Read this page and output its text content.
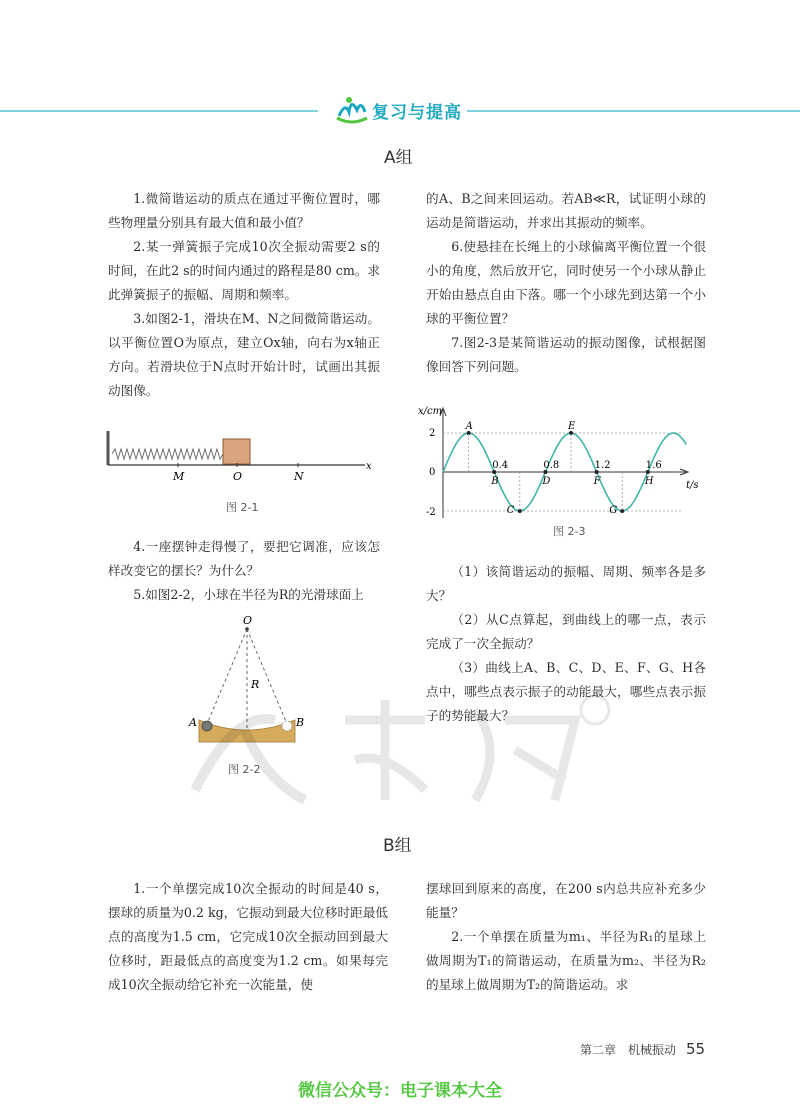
复习与提高
A组

1.微简谐运动的质点在通过平衡位置时，哪些物理量分别具有最大值和最小值？

2.某一弹簧振子完成10次全振动需要2 s的时间，在此2 s的时间内通过的路程是80 cm。求此弹簧振子的振幅、周期和频率。

3.如图2-1，滑块在M、N之间微简谐运动。以平衡位置O为原点，建立Ox轴，向右为x轴正方向。若滑块位于N点时开始计时，试画出其振动图像。

M	O	N
x
图 2-1

4.一座摆钟走得慢了，要把它调准，应该怎样改变它的摆长？为什么？

5.如图2-2，小球在半径为R的光滑球面上

O
R
A	B
图 2-2

的A、B之间来回运动。若AB≪R，试证明小球的运动是简谐运动，并求出其振动的频率。

6.使悬挂在长绳上的小球偏离平衡位置一个很小的角度，然后放开它，同时使另一个小球从静止开始由悬点自由下落。哪一个小球先到达第一个小球的平衡位置？

7.图2-3是某简谐运动的振动图像，试根据图像回答下列问题。

x/cm
t/s
2
0
-2
A
B
C
D
E
F
G
H
0.4	0.8	1.2	1.6
图 2-3

（1）该简谐运动的振幅、周期、频率各是多大？

（2）从C点算起，到曲线上的哪一点，表示完成了一次全振动？

（3）曲线上A、B、C、D、E、F、G、H各点中，哪些点表示振子的动能最大，哪些点表示振子的势能最大？

B组

1.一个单摆完成10次全振动的时间是40 s，摆球的质量为0.2 kg，它振动到最大位移时距最低点的高度为1.5 cm，它完成10次全振动回到最大位移时，距最低点的高度变为1.2 cm。如果每完成10次全振动给它补充一次能量，使

摆球回到原来的高度，在200 s内总共应补充多少能量？

2.一个单摆在质量为m₁、半径为R₁的星球上做周期为T₁的简谐运动，在质量为m₂、半径为R₂的星球上做周期为T₂的简谐运动。求

第二章　机械振动 55
微信公众号：电子课本大全
